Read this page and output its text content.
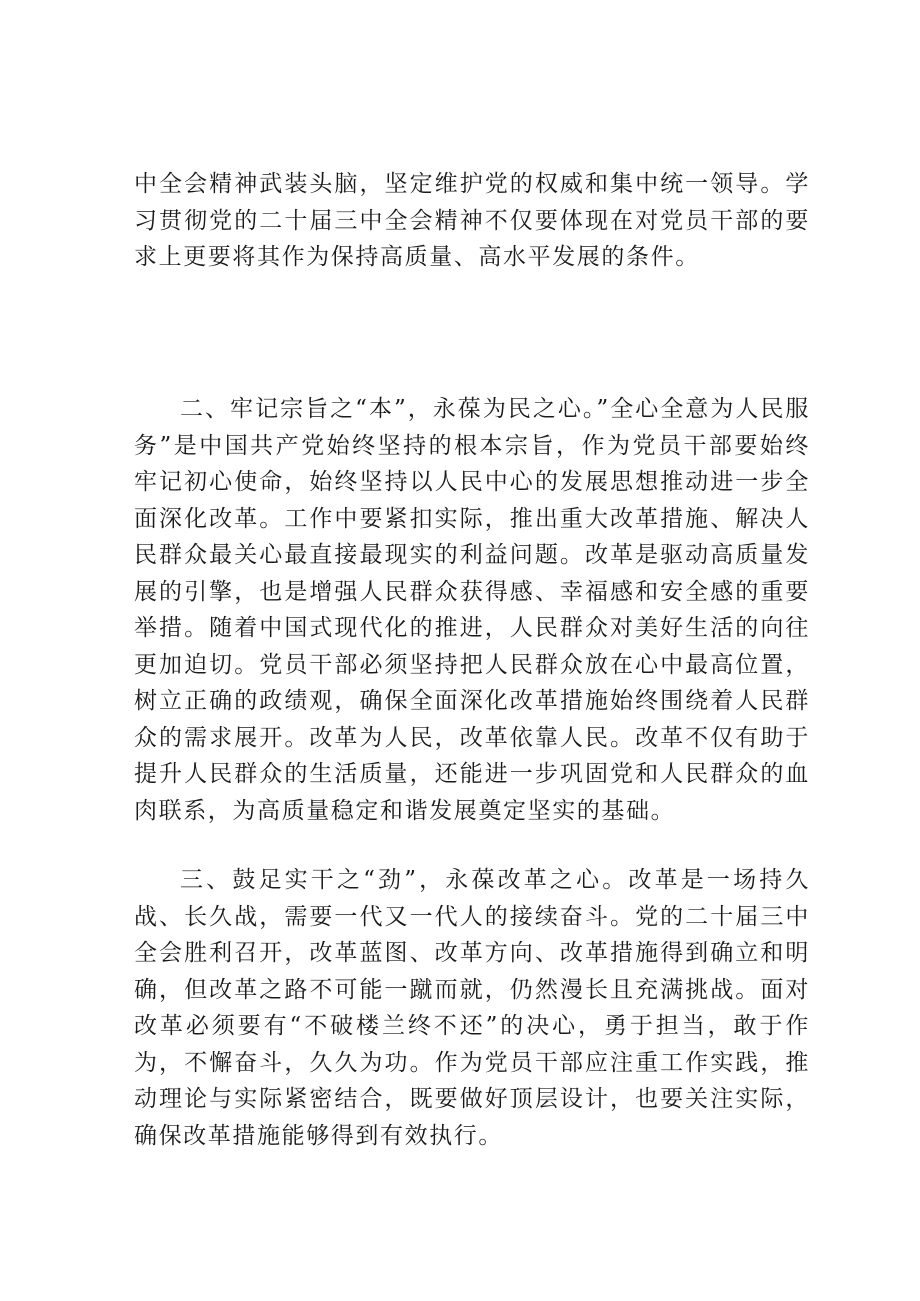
中全会精神武装头脑，坚定维护党的权威和集中统一领导。学习贯彻党的二十届三中全会精神不仅要体现在对党员干部的要求上更要将其作为保持高质量、高水平发展的条件。

二、牢记宗旨之“本”，永葆为民之心。”全心全意为人民服务”是中国共产党始终坚持的根本宗旨，作为党员干部要始终牢记初心使命，始终坚持以人民中心的发展思想推动进一步全面深化改革。工作中要紧扣实际，推出重大改革措施、解决人民群众最关心最直接最现实的利益问题。改革是驱动高质量发展的引擎，也是增强人民群众获得感、幸福感和安全感的重要举措。随着中国式现代化的推进，人民群众对美好生活的向往更加迫切。党员干部必须坚持把人民群众放在心中最高位置，树立正确的政绩观，确保全面深化改革措施始终围绕着人民群众的需求展开。改革为人民，改革依靠人民。改革不仅有助于提升人民群众的生活质量，还能进一步巩固党和人民群众的血肉联系，为高质量稳定和谐发展奠定坚实的基础。

三、鼓足实干之“劲”，永葆改革之心。改革是一场持久战、长久战，需要一代又一代人的接续奋斗。党的二十届三中全会胜利召开，改革蓝图、改革方向、改革措施得到确立和明确，但改革之路不可能一蹴而就，仍然漫长且充满挑战。面对改革必须要有“不破楼兰终不还”的决心，勇于担当，敢于作为，不懈奋斗，久久为功。作为党员干部应注重工作实践，推动理论与实际紧密结合，既要做好顶层设计，也要关注实际，确保改革措施能够得到有效执行。
